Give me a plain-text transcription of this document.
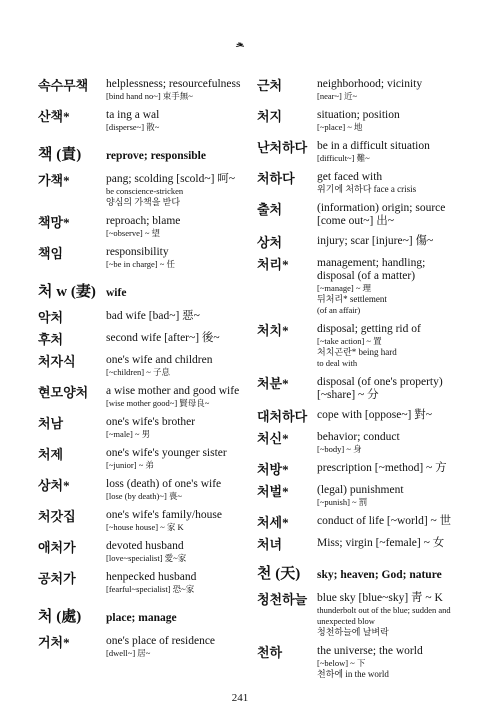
ᄎ
속수무책	helplessness; resourcefulness
[bind hand no~] 束手無~
산책*	ta ing a wal
[disperse~] 散~
책 (責)	reprove; responsible
가책*	pang; scolding [scold~] 呵~
be conscience-stricken
양심의 가책을 받다
책망*	reproach; blame
[~observe] ~ 望
책임	responsibility
[~be in charge] ~ 任
처 w (妻) wife
악처	bad wife [bad~] 惡~
후처	second wife [after~] 後~
처자식	one's wife and children
[~children] ~ 子息
현모양처	a wise mother and good wife
[wise mother good~] 賢母良~
처남	one's wife's brother
[~male] ~ 男
처제	one's wife's younger sister
[~junior] ~ 弟
상처*	loss (death) of one's wife
[lose (by death)~] 喪~
처갓집	one's wife's family/house
[~house house] ~ 家 K
애처가	devoted husband
[love~specialist] 愛~家
공처가	henpecked husband
[fearful~specialist] 恐~家
처 (處)	place; manage
거처*	one's place of residence
[dwell~] 居~
근처	neighborhood; vicinity
[near~] 近~
처지	situation; position
[~place] ~ 地
난처하다 be in a difficult situation
[difficult~] 難~
처하다	get faced with
위기에 처하다 face a crisis
출처	(information) origin; source [come out~] 出~
상처	injury; scar [injure~] 傷~
처리*	management; handling; disposal (of a matter)
[~manage] ~ 理
뒤처리* settlement
(of an affair)
처치*	disposal; getting rid of
[~take action] ~ 置
처치곤란* being hard
to deal with
처분*	disposal (of one's property) [~share] ~ 分
대처하다 cope with [oppose~] 對~
처신*	behavior; conduct
[~body] ~ 身
처방*	prescription [~method] ~ 方
처벌*	(legal) punishment
[~punish] ~ 罰
처세*	conduct of life [~world] ~ 世
처녀	Miss; virgin [~female] ~ 女
천 (天)	sky; heaven; God; nature
청천하늘 blue sky [blue~sky] 靑 ~ K
thunderbolt out of the blue; sudden and unexpected blow
청천하늘에 날벼락
천하	the universe; the world
[~below] ~ 下
천하에 in the world
241
